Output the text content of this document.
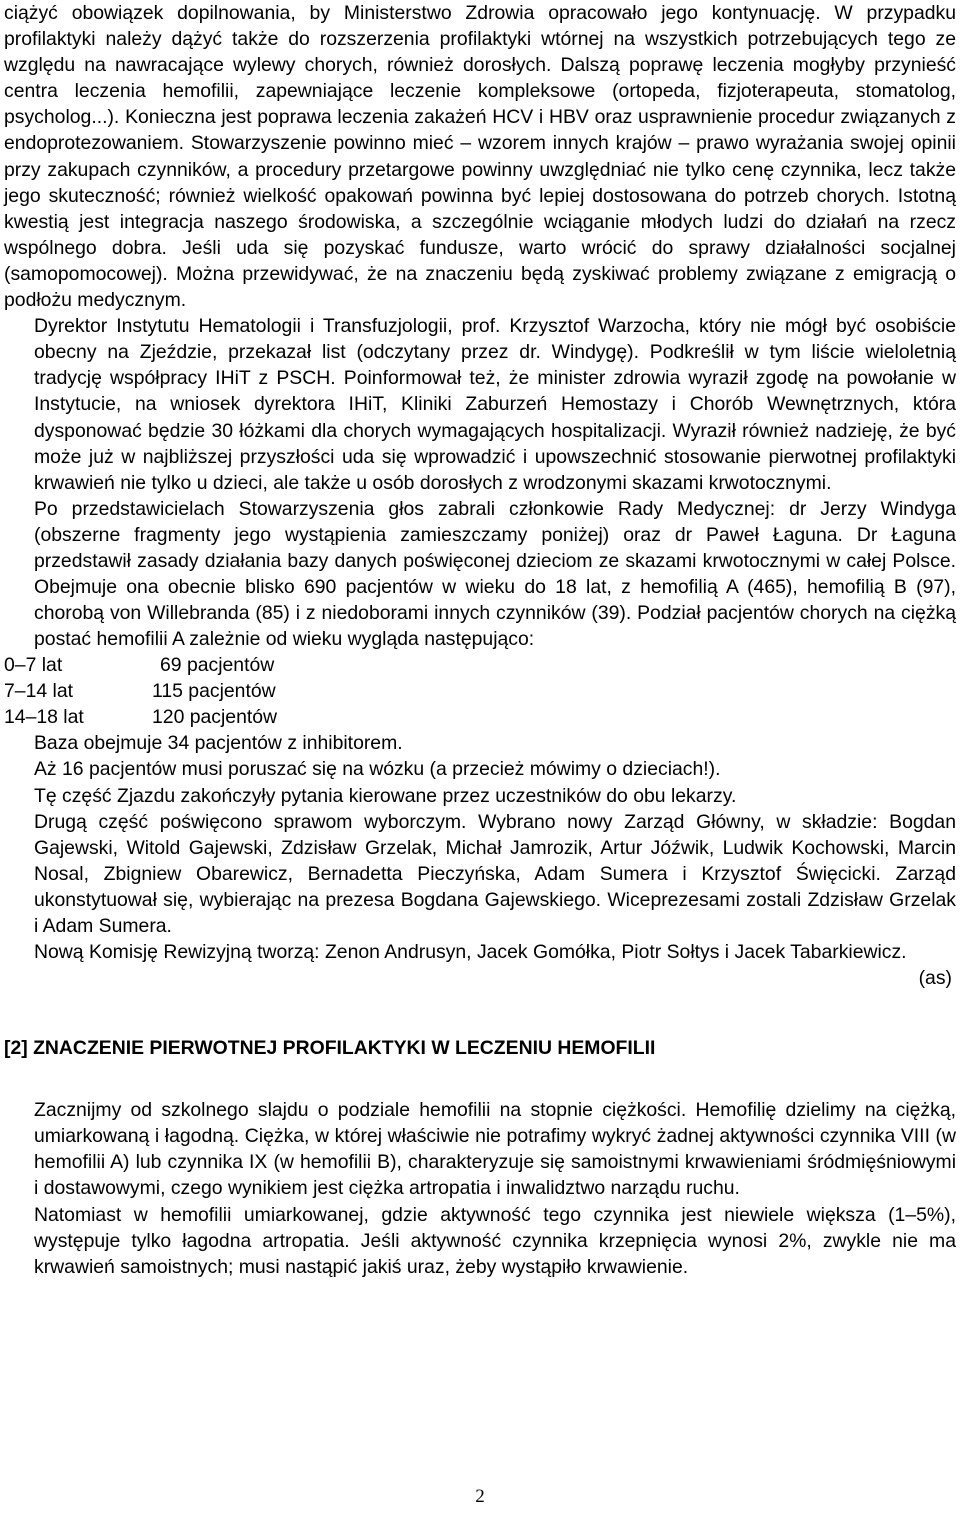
ciążyć obowiązek dopilnowania, by Ministerstwo Zdrowia opracowało jego kontynuację. W przypadku profilaktyki należy dążyć także do rozszerzenia profilaktyki wtórnej na wszystkich potrzebujących tego ze względu na nawracające wylewy chorych, również dorosłych. Dalszą poprawę leczenia mogłyby przynieść centra leczenia hemofilii, zapewniające leczenie kompleksowe (ortopeda, fizjoterapeuta, stomatolog, psycholog...). Konieczna jest poprawa leczenia zakażeń HCV i HBV oraz usprawnienie procedur związanych z endoprotezowaniem. Stowarzyszenie powinno mieć – wzorem innych krajów – prawo wyrażania swojej opinii przy zakupach czynników, a procedury przetargowe powinny uwzględniać nie tylko cenę czynnika, lecz także jego skuteczność; również wielkość opakowań powinna być lepiej dostosowana do potrzeb chorych. Istotną kwestią jest integracja naszego środowiska, a szczególnie wciąganie młodych ludzi do działań na rzecz wspólnego dobra. Jeśli uda się pozyskać fundusze, warto wrócić do sprawy działalności socjalnej (samopomocowej). Można przewidywać, że na znaczeniu będą zyskiwać problemy związane z emigracją o podłożu medycznym.

Dyrektor Instytutu Hematologii i Transfuzjologii, prof. Krzysztof Warzocha, który nie mógł być osobiście obecny na Zjeździe, przekazał list (odczytany przez dr. Windygę). Podkreślił w tym liście wieloletnią tradycję współpracy IHiT z PSCH. Poinformował też, że minister zdrowia wyraził zgodę na powołanie w Instytucie, na wniosek dyrektora IHiT, Kliniki Zaburzeń Hemostazy i Chorób Wewnętrznych, która dysponować będzie 30 łóżkami dla chorych wymagających hospitalizacji. Wyraził również nadzieję, że być może już w najbliższej przyszłości uda się wprowadzić i upowszechnić stosowanie pierwotnej profilaktyki krwawień nie tylko u dzieci, ale także u osób dorosłych z wrodzonymi skazami krwotocznymi.

Po przedstawicielach Stowarzyszenia głos zabrali członkowie Rady Medycznej: dr Jerzy Windyga (obszerne fragmenty jego wystąpienia zamieszczamy poniżej) oraz dr Paweł Łaguna. Dr Łaguna przedstawił zasady działania bazy danych poświęconej dzieciom ze skazami krwotocznymi w całej Polsce. Obejmuje ona obecnie blisko 690 pacjentów w wieku do 18 lat, z hemofilią A (465), hemofilią B (97), chorobą von Willebranda (85) i z niedoborami innych czynników (39). Podział pacjentów chorych na ciężką postać hemofilii A zależnie od wieku wygląda następująco:

0–7 lat	69 pacjentów
7–14 lat	115 pacjentów
14–18 lat	120 pacjentów

Baza obejmuje 34 pacjentów z inhibitorem.

Aż 16 pacjentów musi poruszać się na wózku (a przecież mówimy o dzieciach!).

Tę część Zjazdu zakończyły pytania kierowane przez uczestników do obu lekarzy.

Drugą część poświęcono sprawom wyborczym. Wybrano nowy Zarząd Główny, w składzie: Bogdan Gajewski, Witold Gajewski, Zdzisław Grzelak, Michał Jamrozik, Artur Jóźwik, Ludwik Kochowski, Marcin Nosal, Zbigniew Obarewicz, Bernadetta Pieczyńska, Adam Sumera i Krzysztof Święcicki. Zarząd ukonstytuował się, wybierając na prezesa Bogdana Gajewskiego. Wiceprezesami zostali Zdzisław Grzelak i Adam Sumera.

Nową Komisję Rewizyjną tworzą: Zenon Andrusyn, Jacek Gomółka, Piotr Sołtys i Jacek Tabarkiewicz.

(as)

[2] ZNACZENIE PIERWOTNEJ PROFILAKTYKI W LECZENIU HEMOFILII

Zacznijmy od szkolnego slajdu o podziale hemofilii na stopnie ciężkości. Hemofilię dzielimy na ciężką, umiarkowaną i łagodną. Ciężka, w której właściwie nie potrafimy wykryć żadnej aktywności czynnika VIII (w hemofilii A) lub czynnika IX (w hemofilii B), charakteryzuje się samoistnymi krwawieniami śródmięśniowymi i dostawowymi, czego wynikiem jest ciężka artropatia i inwalidztwo narządu ruchu.

Natomiast w hemofilii umiarkowanej, gdzie aktywność tego czynnika jest niewiele większa (1–5%), występuje tylko łagodna artropatia. Jeśli aktywność czynnika krzepnięcia wynosi 2%, zwykle nie ma krwawień samoistnych; musi nastąpić jakiś uraz, żeby wystąpiło krwawienie.

2
